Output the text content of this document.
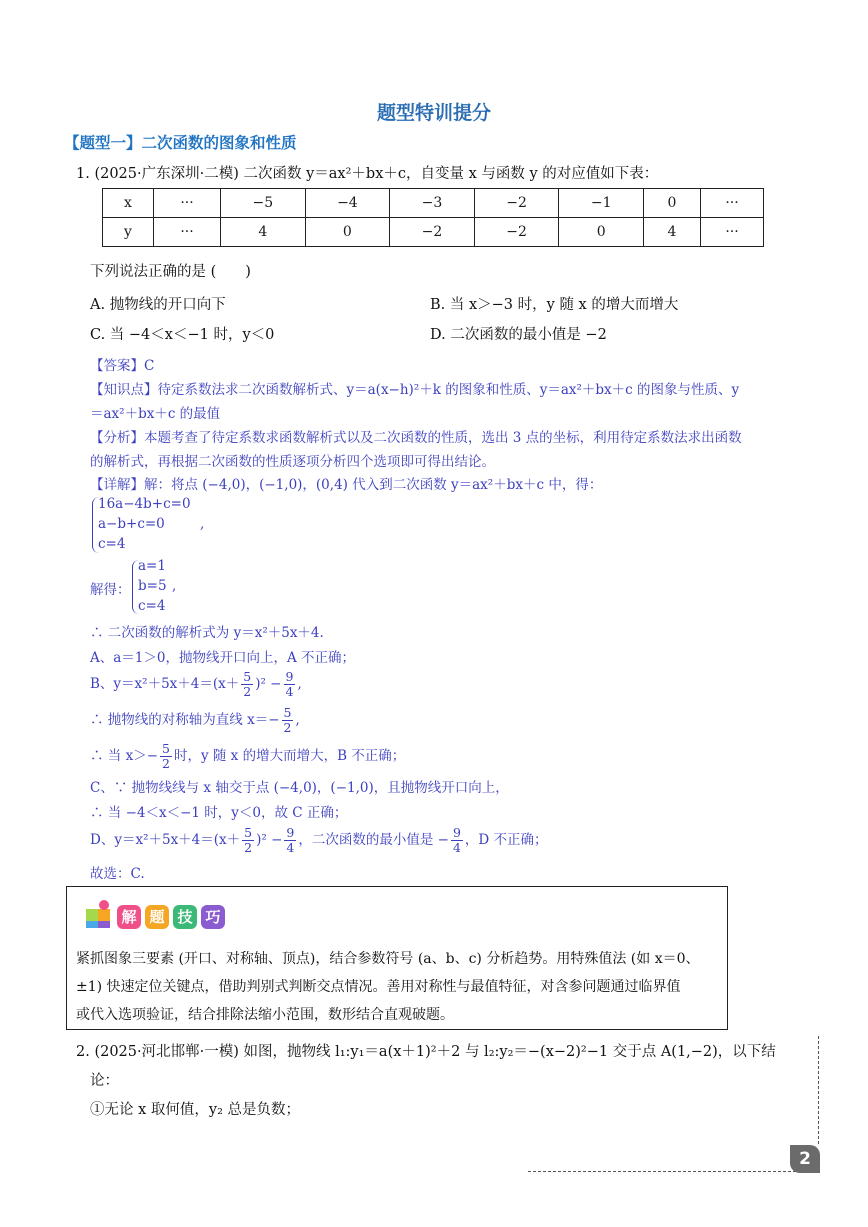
题型特训提分
【题型一】二次函数的图象和性质
1. (2025·广东深圳·二模) 二次函数 y＝ax²＋bx＋c，自变量 x 与函数 y 的对应值如下表：
x	···	−5	−4	−3	−2	−1	0	···
y	···	4	0	−2	−2	0	4	···
下列说法正确的是 (　　)
A. 抛物线的开口向下	B. 当 x＞−3 时，y 随 x 的增大而增大
C. 当 −4＜x＜−1 时，y＜0	D. 二次函数的最小值是 −2
【答案】C
【知识点】待定系数法求二次函数解析式、y＝a(x−h)²＋k 的图象和性质、y＝ax²＋bx＋c 的图象与性质、y
＝ax²＋bx＋c 的最值
【分析】本题考查了待定系数求函数解析式以及二次函数的性质，选出 3 点的坐标，利用待定系数法求出函数
的解析式，再根据二次函数的性质逐项分析四个选项即可得出结论。
【详解】解：将点 (−4,0)，(−1,0)，(0,4) 代入到二次函数 y＝ax²＋bx＋c 中，得：
16a−4b+c=0
a−b+c=0
c=4
,
解得：
a=1
b=5
c=4
,
∴ 二次函数的解析式为 y＝x²＋5x＋4.
A、a＝1＞0，抛物线开口向上，A 不正确；
B、$y=x^2+5x+4=(x+ \frac{5}{2} )^2 - \frac{9}{4}$ ,
∴ 抛物线的对称轴为直线 $x=- \frac{5}{2}$ ,
∴ 当 $x>- \frac{5}{2}$ 时，y 随 x 的增大而增大，B 不正确；
C、∵ 抛物线线与 x 轴交于点 (−4,0)，(−1,0)，且抛物线开口向上，
∴ 当 −4＜x＜−1 时，y＜0，故 C 正确；
D、$y=x^2+5x+4=(x+ \frac{5}{2} )^2 - \frac{9}{4}$ ，二次函数的最小值是 − $\frac{9}{4}$ ，D 不正确；
故选：C.
解 题 技 巧
紧抓图象三要素 (开口、对称轴、顶点)，结合参数符号 (a、b、c) 分析趋势。用特殊值法 (如 x＝0、
±1) 快速定位关键点，借助判别式判断交点情况。善用对称性与最值特征，对含参问题通过临界值
或代入选项验证，结合排除法缩小范围，数形结合直观破题。
2. (2025·河北邯郸·一模) 如图，抛物线 l₁:y₁＝a(x＋1)²＋2 与 l₂:y₂＝−(x−2)²−1 交于点 A(1,−2)，以下结
论：
①无论 x 取何值，y₂ 总是负数；
2
